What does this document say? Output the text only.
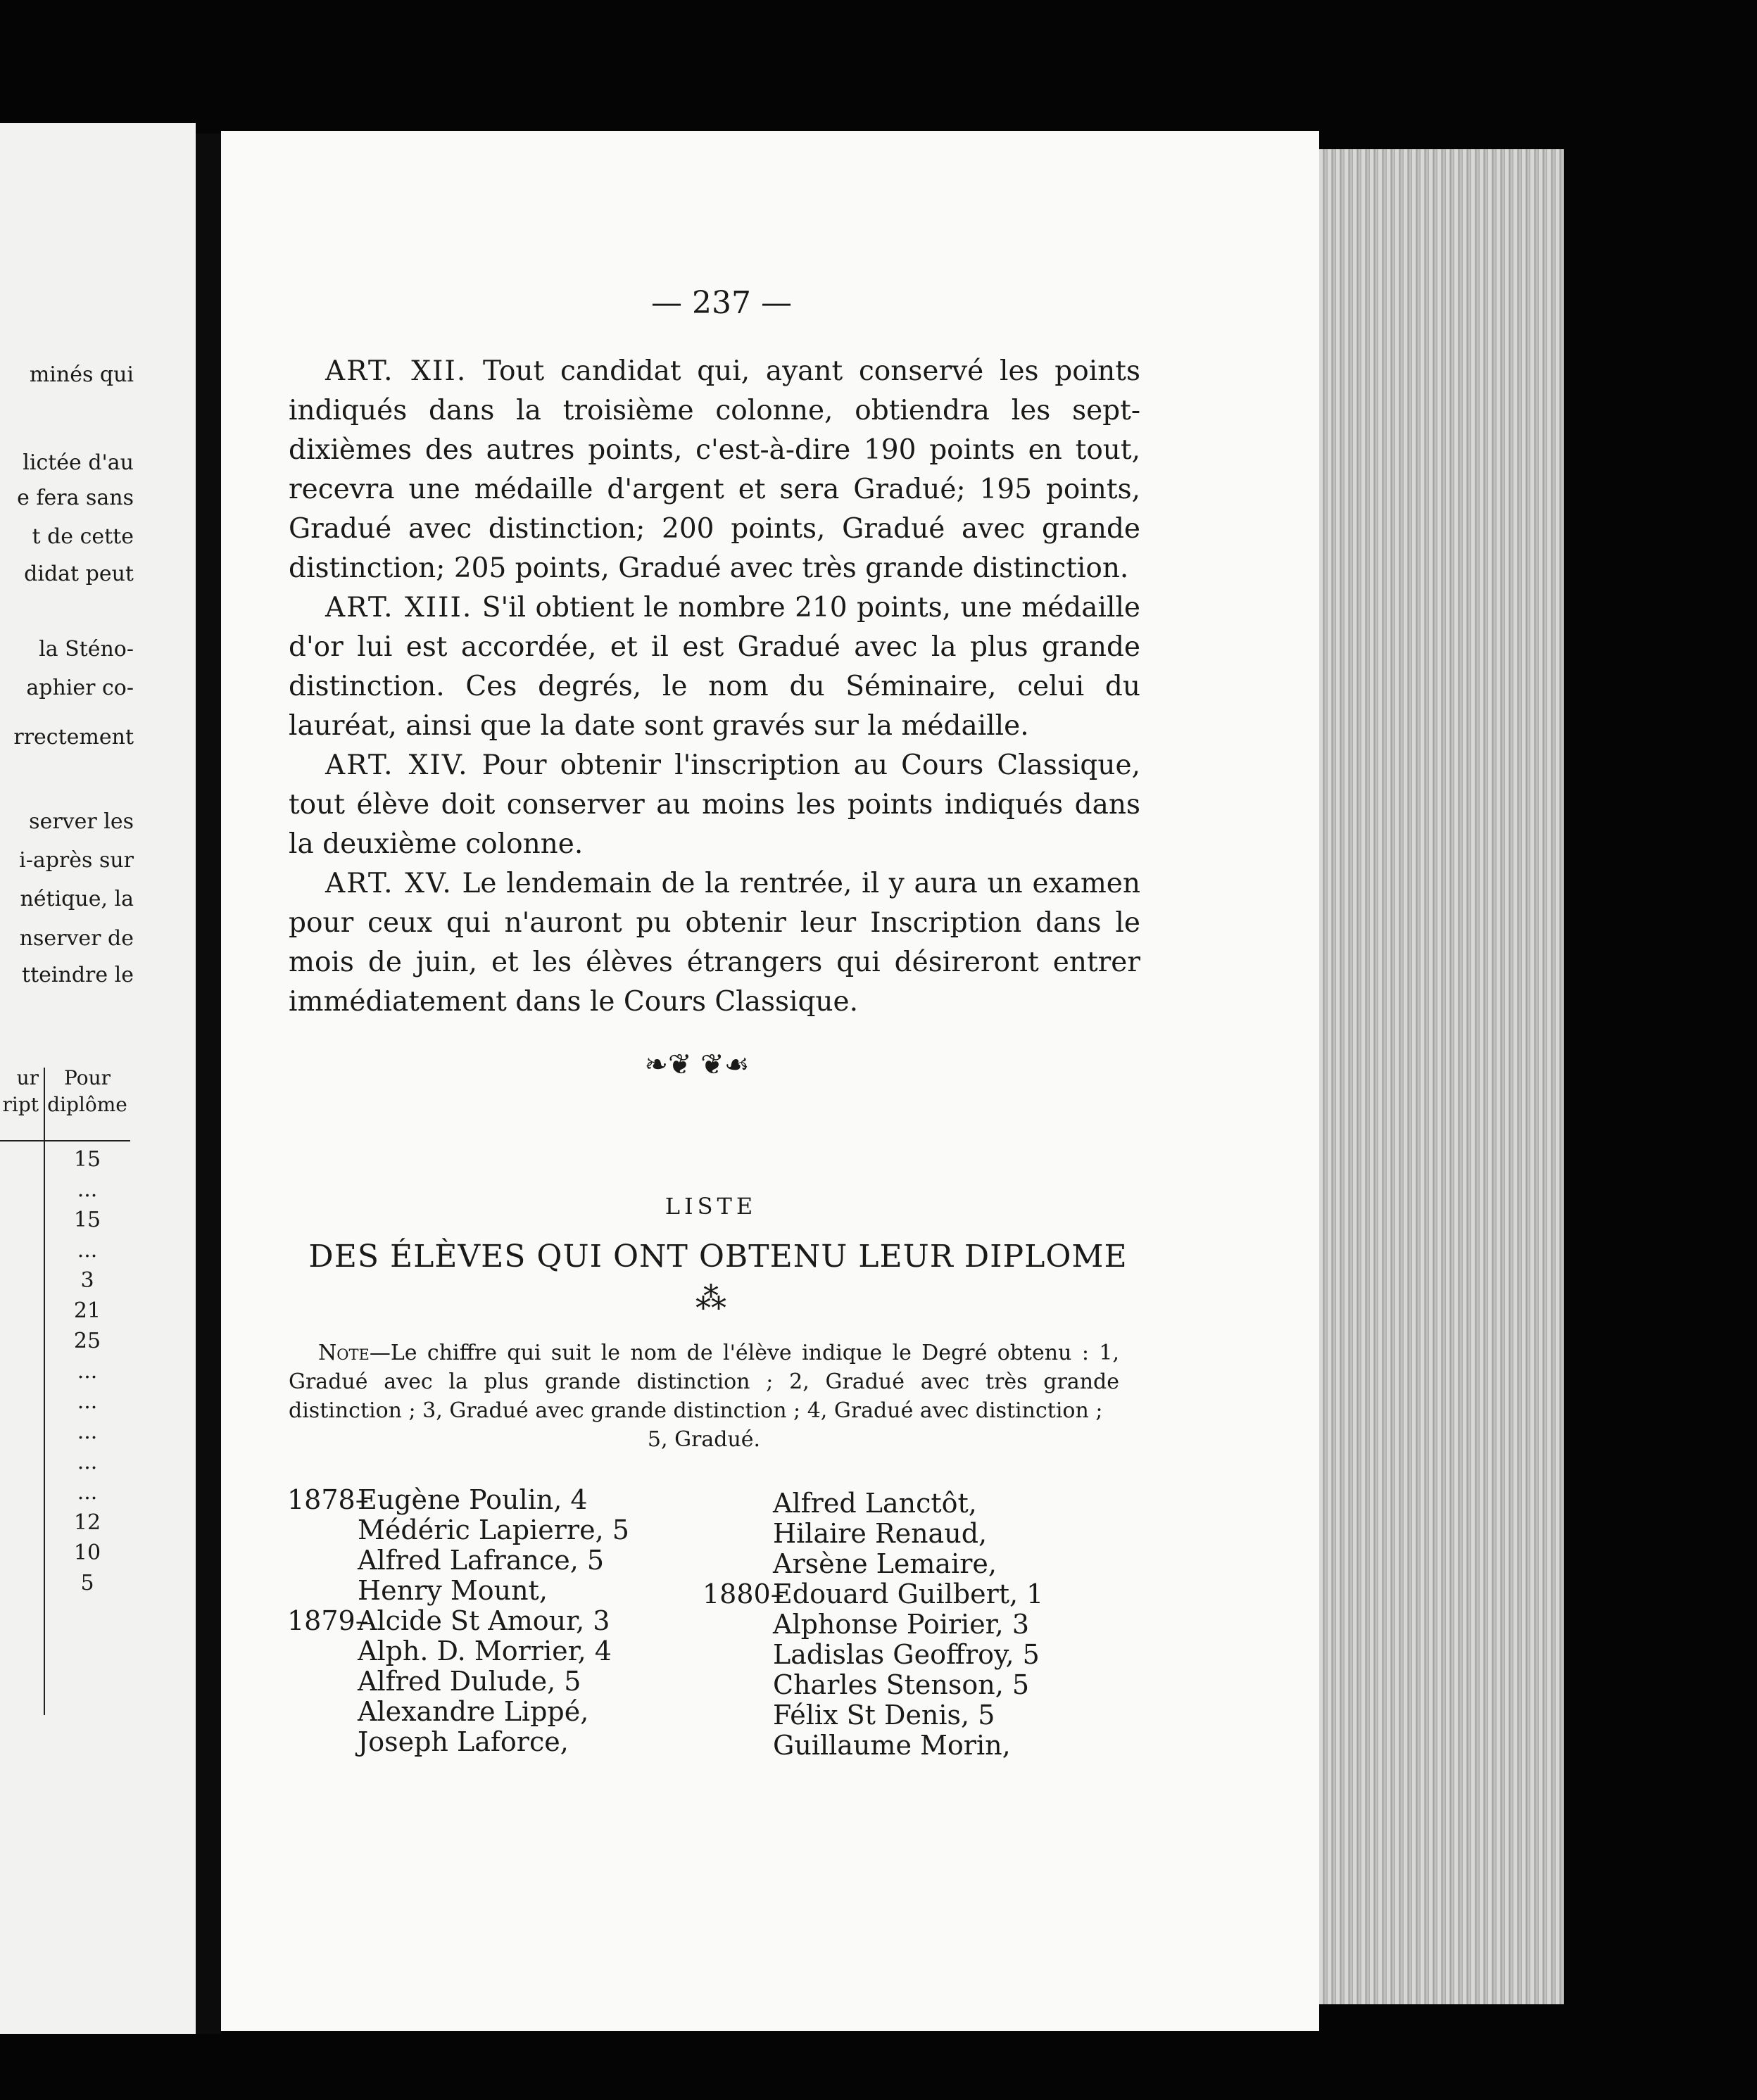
minés qui
lictée d'au
e fera sans
t de cette
didat peut
la Sténo-
aphier co-
rrectement
server les
i-après sur
nétique, la
nserver de
tteindre le
ur ript
Pour diplôme
15
...
15
...
3
21
25
...
...
...
...
...
12
10
5
— 237 —

ART. XII. Tout candidat qui, ayant conservé les points indiqués dans la troisième colonne, obtiendra les sept-dixièmes des autres points, c'est-à-dire 190 points en tout, recevra une médaille d'argent et sera Gradué; 195 points, Gradué avec distinction; 200 points, Gradué avec grande distinction; 205 points, Gradué avec très grande distinction.

ART. XIII. S'il obtient le nombre 210 points, une médaille d'or lui est accordée, et il est Gradué avec la plus grande distinction. Ces degrés, le nom du Séminaire, celui du lauréat, ainsi que la date sont gravés sur la médaille.

ART. XIV. Pour obtenir l'inscription au Cours Classique, tout élève doit conserver au moins les points indiqués dans la deuxième colonne.

ART. XV. Le lendemain de la rentrée, il y aura un examen pour ceux qui n'auront pu obtenir leur Inscription dans le mois de juin, et les élèves étrangers qui désireront entrer immédiatement dans le Cours Classique.

❧❦ ❦☙
LISTE
DES ÉLÈVES QUI ONT OBTENU LEUR DIPLOME
⁂

Note—Le chiffre qui suit le nom de l'élève indique le Degré obtenu : 1, Gradué avec la plus grande distinction ; 2, Gradué avec très grande distinction ; 3, Gradué avec grande distinction ; 4, Gradué avec distinction ;

5, Gradué.
1878–Eugène Poulin, 4
Médéric Lapierre, 5
Alfred Lafrance, 5
Henry Mount,
1879–Alcide St Amour, 3
Alph. D. Morrier, 4
Alfred Dulude, 5
Alexandre Lippé,
Joseph Laforce,
Alfred Lanctôt,
Hilaire Renaud,
Arsène Lemaire,
1880–Edouard Guilbert, 1
Alphonse Poirier, 3
Ladislas Geoffroy, 5
Charles Stenson, 5
Félix St Denis, 5
Guillaume Morin,
